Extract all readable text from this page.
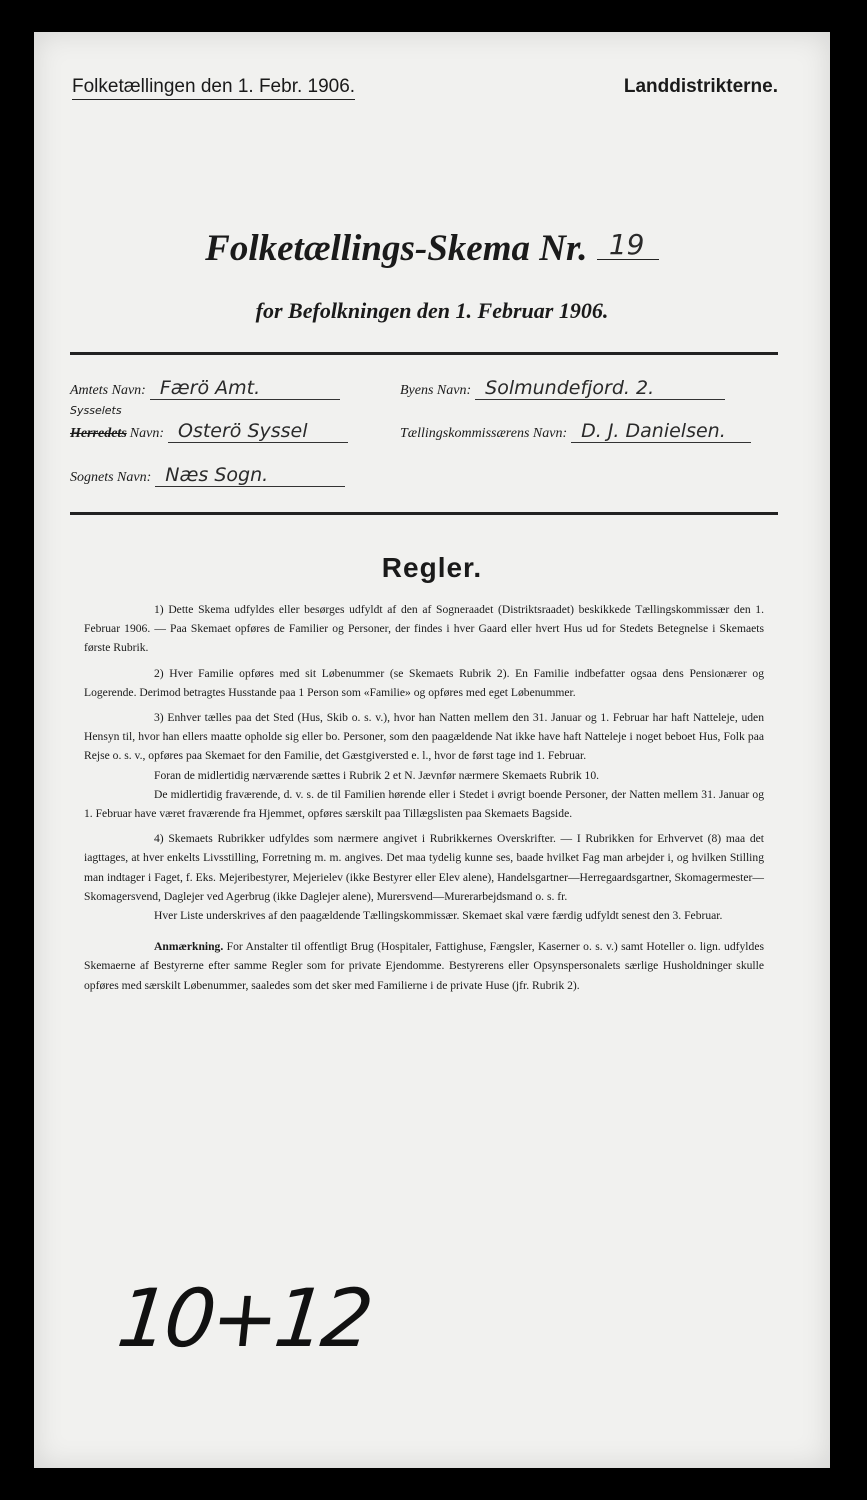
Folketællingen den 1. Febr. 1906.	Landdistrikterne.
Folketællings-Skema Nr. 19
for Befolkningen den 1. Februar 1906.
Amtets Navn: Færö Amt.	Byens Navn: Solmundefjord. 2.
Sysselets
Herredets Navn: Osterö Syssel	Tællingskommissærens Navn: D. J. Danielsen.
Sognets Navn: Næs Sogn.
Regler.

1) Dette Skema udfyldes eller besørges udfyldt af den af Sogneraadet (Distriktsraadet) beskikkede Tællingskommissær den 1. Februar 1906. — Paa Skemaet opføres de Familier og Personer, der findes i hver Gaard eller hvert Hus ud for Stedets Betegnelse i Skemaets første Rubrik.

2) Hver Familie opføres med sit Løbenummer (se Skemaets Rubrik 2). En Familie indbefatter ogsaa dens Pensionærer og Logerende. Derimod betragtes Husstande paa 1 Person som «Familie» og opføres med eget Løbenummer.

3) Enhver tælles paa det Sted (Hus, Skib o. s. v.), hvor han Natten mellem den 31. Januar og 1. Februar har haft Natteleje, uden Hensyn til, hvor han ellers maatte opholde sig eller bo. Personer, som den paagældende Nat ikke have haft Natteleje i noget beboet Hus, Folk paa Rejse o. s. v., opføres paa Skemaet for den Familie, det Gæstgiversted e. l., hvor de først tage ind 1. Februar.

Foran de midlertidig nærværende sættes i Rubrik 2 et N. Jævnfør nærmere Skemaets Rubrik 10.

De midlertidig fraværende, d. v. s. de til Familien hørende eller i Stedet i øvrigt boende Personer, der Natten mellem 31. Januar og 1. Februar have været fraværende fra Hjemmet, opføres særskilt paa Tillægslisten paa Skemaets Bagside.

4) Skemaets Rubrikker udfyldes som nærmere angivet i Rubrikkernes Overskrifter. — I Rubrikken for Erhvervet (8) maa det iagttages, at hver enkelts Livsstilling, Forretning m. m. angives. Det maa tydelig kunne ses, baade hvilket Fag man arbejder i, og hvilken Stilling man indtager i Faget, f. Eks. Mejeribestyrer, Mejerielev (ikke Bestyrer eller Elev alene), Handelsgartner—Herregaardsgartner, Skomagermester—Skomagersvend, Daglejer ved Agerbrug (ikke Daglejer alene), Murersvend—Murerarbejdsmand o. s. fr.

Hver Liste underskrives af den paagældende Tællingskommissær. Skemaet skal være færdig udfyldt senest den 3. Februar.

Anmærkning. For Anstalter til offentligt Brug (Hospitaler, Fattighuse, Fængsler, Kaserner o. s. v.) samt Hoteller o. lign. udfyldes Skemaerne af Bestyrerne efter samme Regler som for private Ejendomme. Bestyrerens eller Opsynspersonalets særlige Husholdninger skulle opføres med særskilt Løbenummer, saaledes som det sker med Familierne i de private Huse (jfr. Rubrik 2).

10+12
